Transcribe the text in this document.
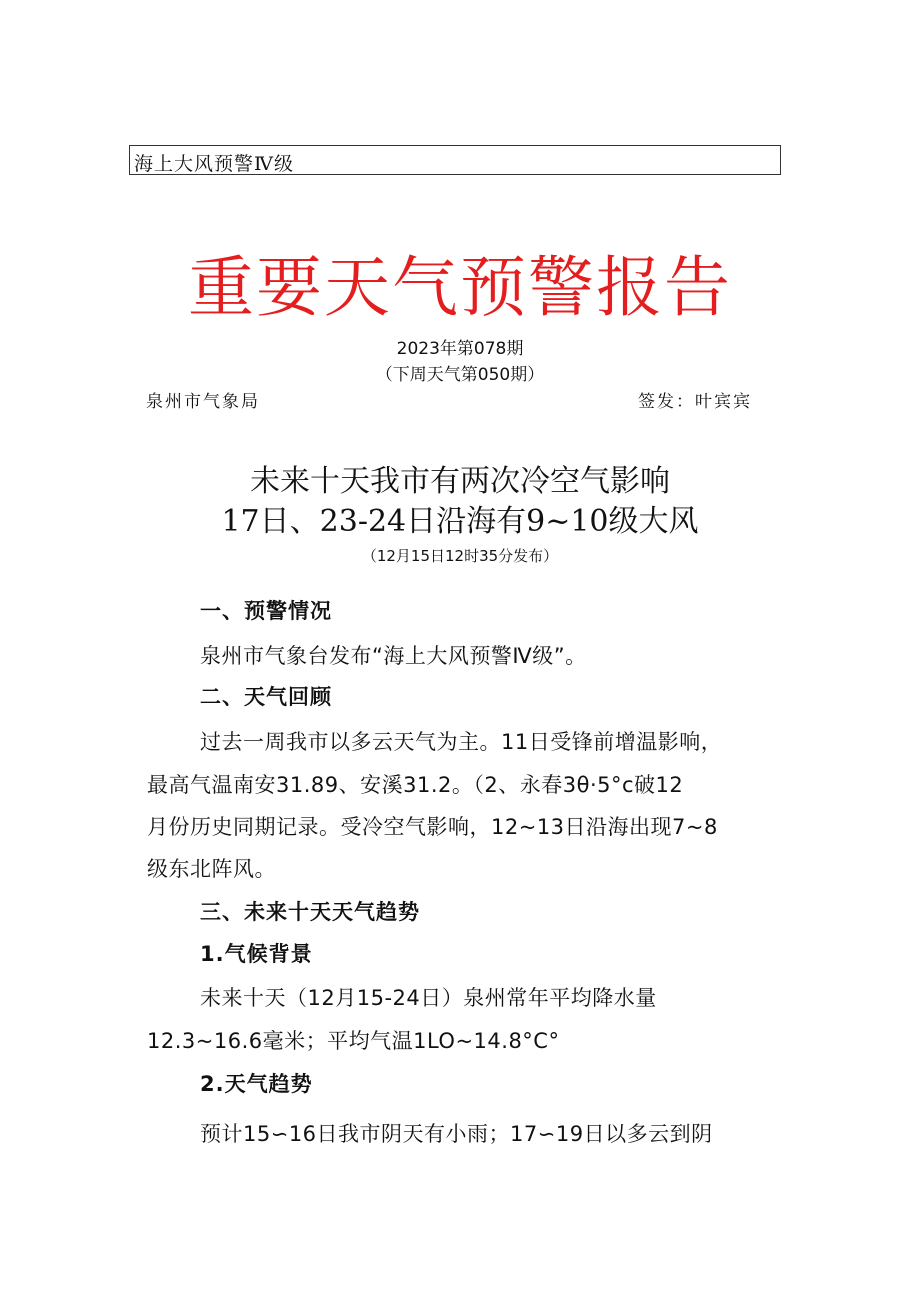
海上大风预警Ⅳ级
重要天气预警报告
2023年第078期
（下周天气第050期）
泉州市气象局	签发：叶宾宾
未来十天我市有两次冷空气影响
17日、23-24日沿海有9~10级大风
（12月15日12时35分发布）
一、预警情况
泉州市气象台发布“海上大风预警Ⅳ级”。
二、天气回顾
过去一周我市以多云天气为主。11日受锋前增温影响，
最高气温南安31.89、安溪31.2。（2、永春3θ·5°c破12
月份历史同期记录。受冷空气影响，12~13日沿海出现7~8
级东北阵风。
三、未来十天天气趋势
1.气候背景
未来十天（12月15-24日）泉州常年平均降水量
12.3~16.6毫米；平均气温1LO~14.8°C°
2.天气趋势
预计15∽16日我市阴天有小雨；17∽19日以多云到阴
